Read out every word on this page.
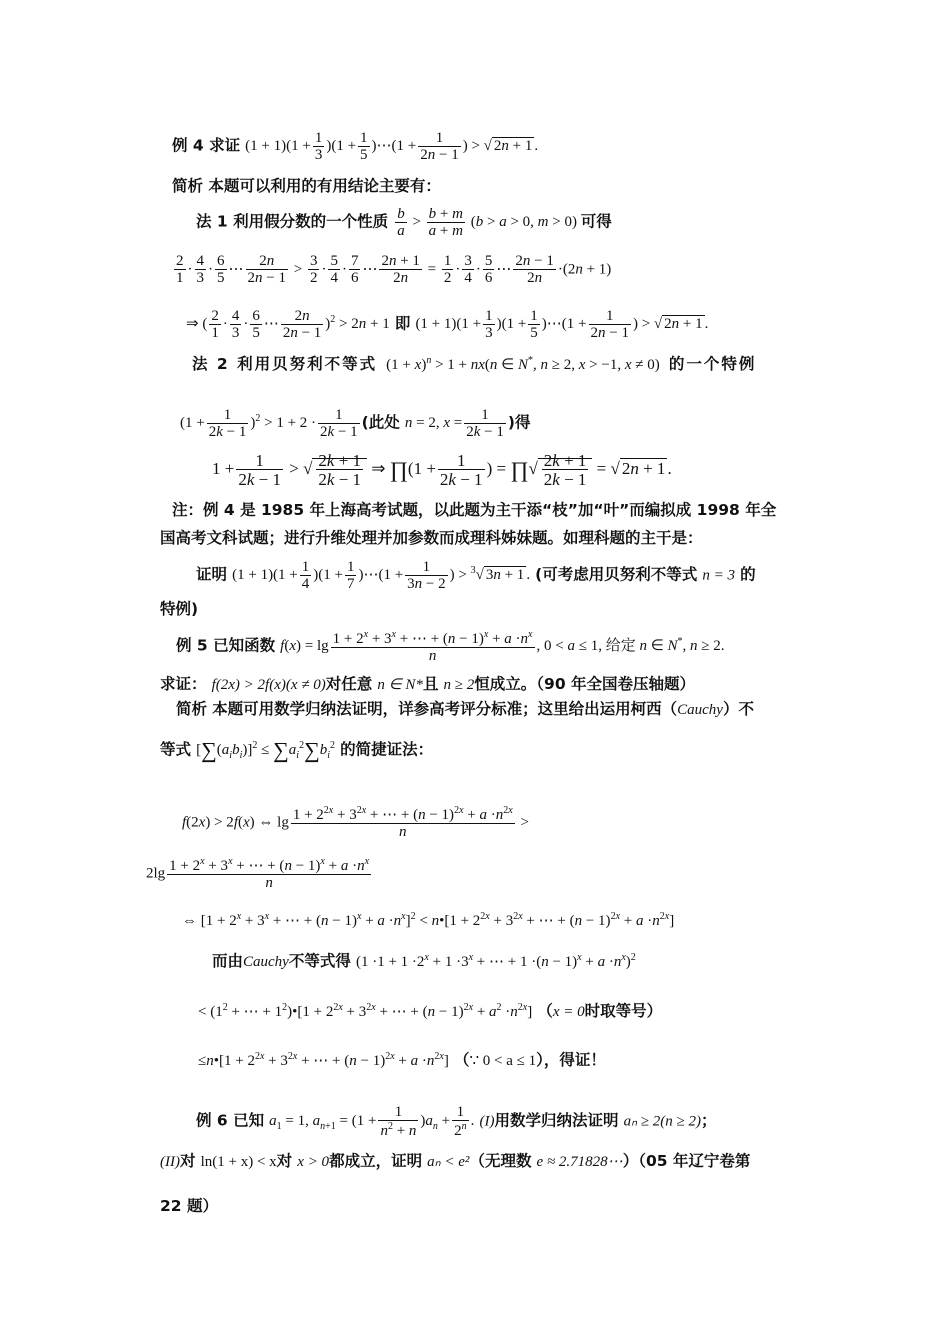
例 4 求证 $(1 + 1)(1 + \frac{1}{3} )(1 + \frac{1}{5}$ )⋯(1 + $\frac{1}{2n - 1}$ ) > √ 2n + 1 .
简析 本题可以利用的有用结论主要有：
法 1 利用假分数的一个性质 $\frac{b}{a} > \frac{b + m}{a + m} (b > a > 0$, m > 0) 可得
$\frac{2}{1} \cdot \frac{4}{3} \cdot \frac{6}{5}$ ⋯ $\frac{2n}{2n - 1} > \frac{3}{2} \cdot \frac{5}{4} \cdot \frac{7}{6}$ ⋯ $\frac{2n + 1}{2n} = \frac{1}{2} \cdot \frac{3}{4} \cdot \frac{5}{6}$ ⋯ $\frac{2n - 1}{2n} \cdot(2n + 1)$
⇒ ( $\frac{2}{1} \cdot \frac{4}{3} \cdot \frac{6}{5}$ ⋯ $\frac{2n}{2n - 1} )^2 > 2n + 1$ 即 $(1 + 1)(1 + \frac{1}{3} )(1 + \frac{1}{5}$ )⋯(1 + $\frac{1}{2n - 1}$ ) > √ 2n + 1 .
法 2 利用贝努利不等式 $(1 + x)^n > 1 + nx(n$ ∈ N*, n ≥ 2, x > −1, x ≠ 0) 的一个特例
$(1 + \frac{1}{2k - 1} )^2 > 1 + 2 \cdot \frac{1}{2k - 1}$ (此处 n = 2, $x = \frac{1}{2k - 1}$ )得
$1 + \frac{1}{2k - 1}$ > √ $\frac{2k + 1}{2k - 1}$ ⇒ ∏(1 + $\frac{1}{2k - 1}$ ) = ∏√ $\frac{2k + 1}{2k - 1}$ = √ 2n + 1 .
注：例 4 是 1985 年上海高考试题，以此题为主干添“枝”加“叶”而编拟成 1998 年全
国高考文科试题；进行升维处理并加参数而成理科姊妹题。如理科题的主干是：
证明 $(1 + 1)(1 + \frac{1}{4} )(1 + \frac{1}{7}$ )⋯(1 + $\frac{1}{3n - 2}$ ) > $^3$√ 3n + 1 . (可考虑用贝努利不等式 n = 3 的
特例)
例 5 已知函数 $f(x) = \lg \frac{1 + 2^x + 3^x + \cdots + (n - 1)^x + a \cdot n^x}{n}$ , 0 < a ≤ 1, 给定 n ∈ N*, n ≥ 2.
求证： f(2x) > 2f(x)(x ≠ 0)对任意 n ∈ N*且 n ≥ 2恒成立。（90 年全国卷压轴题）
简析 本题可用数学归纳法证明，详参高考评分标准；这里给出运用柯西（Cauchy）不
等式 $[\sum(a_ib_i)]^2 \le \sum a_i^2\sum b_i^2$ 的简捷证法：
f(2x) > 2f(x) ⇔ $\lg \frac{1 + 2^{2x} + 3^{2x} + \cdots + (n - 1)^{2x} + a \cdot n^{2x}}{n}$ >
$2\lg \frac{1 + 2^x + 3^x + \cdots + (n - 1)^x + a \cdot n^x}{n}$
⇔ [$1 + 2^x + 3^x$ + ⋯ + $(n - 1)^x + a \cdot n^x]^2$ < n•[1 + $2^{2x} + 3^{2x}$ + ⋯ + $(n - 1)^{2x} + a \cdot n^{2x}$]
而由Cauchy不等式得 ($1 \cdot 1 + 1 \cdot 2^x + 1 \cdot 3^x$ + ⋯ + $1 \cdot(n - 1)^x + a \cdot n^x)^2$
< ($1^2$ + ⋯ + $1^2)•[1 + 2^{2x} + 3^{2x}$ + ⋯ + $(n - 1)^{2x} + a^2 \cdot n^{2x}$] （x = 0时取等号）
≤n•[1 + $2^{2x} + 3^{2x}$ + ⋯ + $(n - 1)^{2x} + a \cdot n^{2x}$] （∵ 0 < a ≤ 1），得证！
例 6 已知 $a_1 = 1$, $a_{n+1} = (1 + \frac{1}{n^2 + n} )a_n + \frac{1}{2^n}$ . (I)用数学归纳法证明 aₙ ≥ 2(n ≥ 2)；
(II)对 ln(1 + x) < x对 x > 0都成立，证明 aₙ < e²（无理数 e ≈ 2.71828⋯）（05 年辽宁卷第
22 题）
